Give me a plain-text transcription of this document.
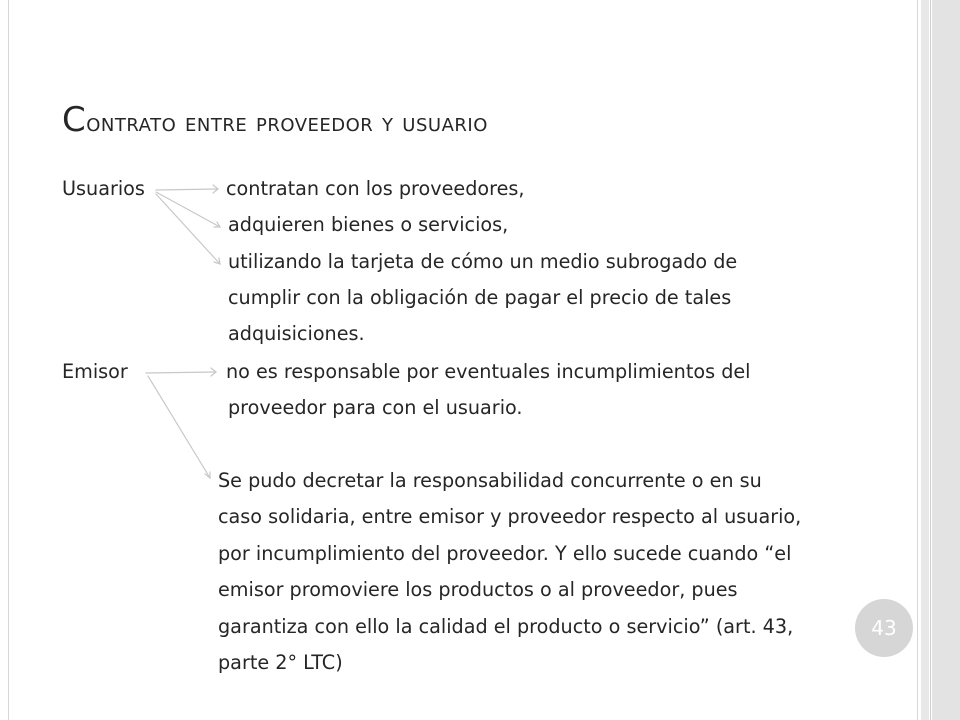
Contrato entre proveedor y usuario
Usuarios	contratan con los proveedores,
adquieren bienes o servicios,
utilizando la tarjeta de cómo un medio subrogado de
cumplir con la obligación de pagar el precio de tales
adquisiciones.
Emisor	no es responsable por eventuales incumplimientos del
proveedor para con el usuario.
Se pudo decretar la responsabilidad concurrente o en su
caso solidaria, entre emisor y proveedor respecto al usuario,
por incumplimiento del proveedor. Y ello sucede cuando “el
emisor promoviere los productos o al proveedor, pues
garantiza con ello la calidad el producto o servicio” (art. 43,
parte 2° LTC)
43
